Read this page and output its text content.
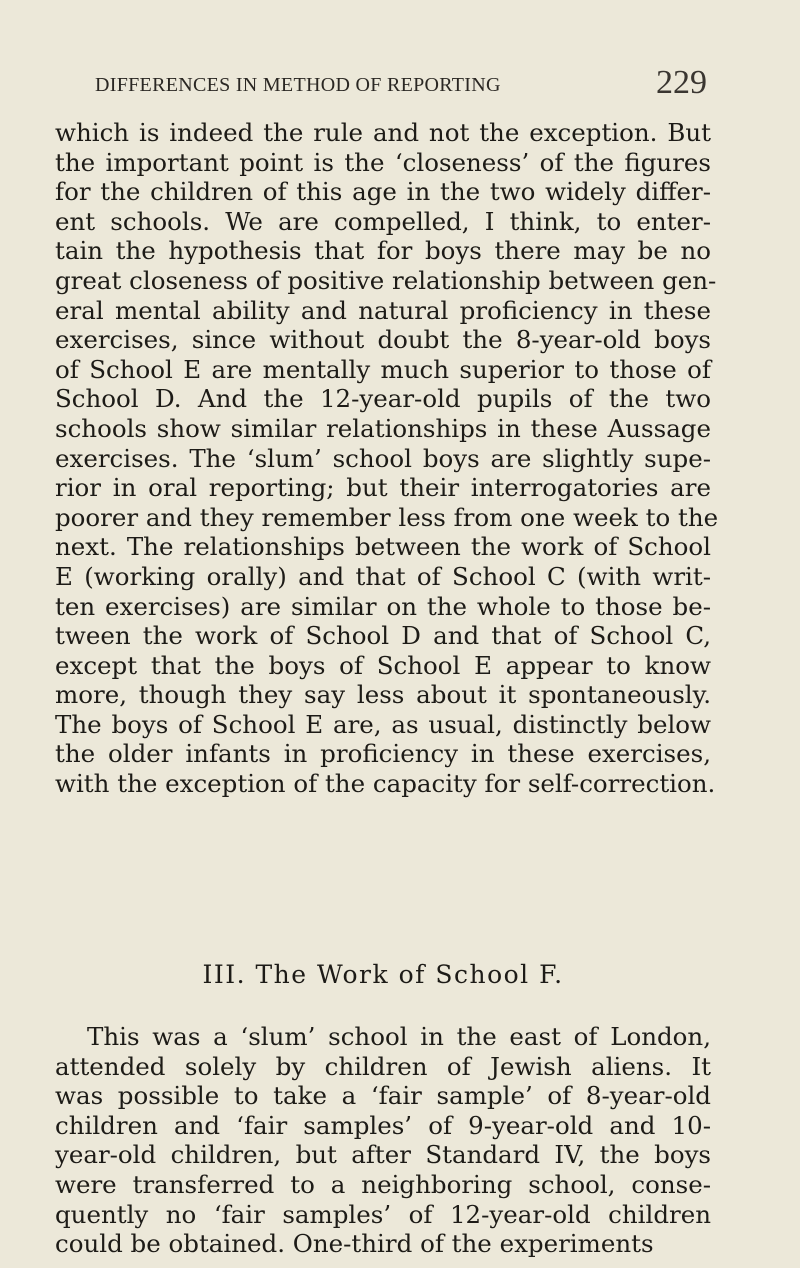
DIFFERENCES IN METHOD OF REPORTING	229
which is indeed the rule and not the exception. But
the important point is the ‘closeness’ of the figures
for the children of this age in the two widely differ-
ent schools. We are compelled, I think, to enter-
tain the hypothesis that for boys there may be no
great closeness of positive relationship between gen-
eral mental ability and natural proficiency in these
exercises, since without doubt the 8-year-old boys
of School E are mentally much superior to those of
School D. And the 12-year-old pupils of the two
schools show similar relationships in these Aussage
exercises. The ‘slum’ school boys are slightly supe-
rior in oral reporting; but their interrogatories are
poorer and they remember less from one week to the
next. The relationships between the work of School
E (working orally) and that of School C (with writ-
ten exercises) are similar on the whole to those be-
tween the work of School D and that of School C,
except that the boys of School E appear to know
more, though they say less about it spontaneously.
The boys of School E are, as usual, distinctly below
the older infants in proficiency in these exercises,
with the exception of the capacity for self-correction.
III. The Work of School F.
This was a ‘slum’ school in the east of London,
attended solely by children of Jewish aliens. It
was possible to take a ‘fair sample’ of 8-year-old
children and ‘fair samples’ of 9-year-old and 10-
year-old children, but after Standard IV, the boys
were transferred to a neighboring school, conse-
quently no ‘fair samples’ of 12-year-old children
could be obtained. One-third of the experiments
